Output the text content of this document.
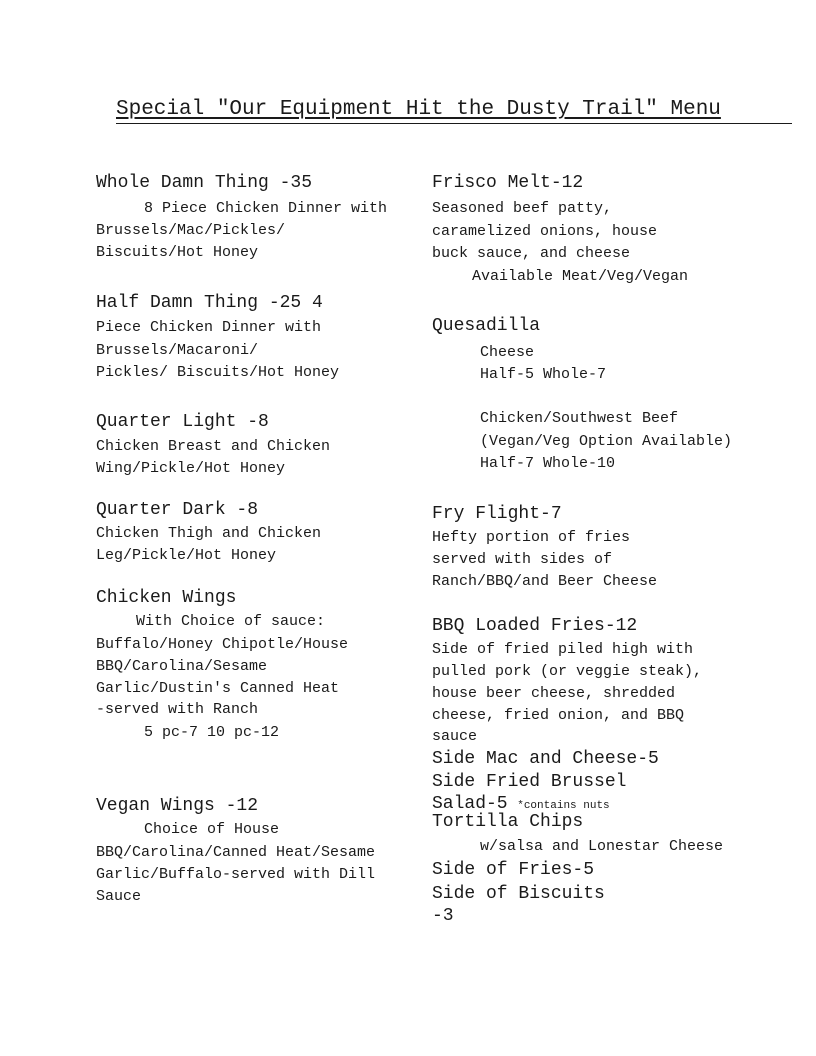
Special "Our Equipment Hit the Dusty Trail" Menu
Whole Damn Thing -35
8 Piece Chicken Dinner with
Brussels/Mac/Pickles/
Biscuits/Hot Honey
Half Damn Thing -25 4
Piece Chicken Dinner with
Brussels/Macaroni/
Pickles/ Biscuits/Hot Honey
Quarter Light -8
Chicken Breast and Chicken
Wing/Pickle/Hot Honey
Quarter Dark -8
Chicken Thigh and Chicken
Leg/Pickle/Hot Honey
Chicken Wings
With Choice of sauce:
Buffalo/Honey Chipotle/House
BBQ/Carolina/Sesame
Garlic/Dustin's Canned Heat
-served with Ranch
5 pc-7 10 pc-12
Vegan Wings -12
Choice of House
BBQ/Carolina/Canned Heat/Sesame
Garlic/Buffalo-served with Dill
Sauce
Frisco Melt-12
Seasoned beef patty,
caramelized onions, house
buck sauce, and cheese
Available Meat/Veg/Vegan
Quesadilla
Cheese
Half-5 Whole-7
Chicken/Southwest Beef
(Vegan/Veg Option Available)
Half-7 Whole-10
Fry Flight-7
Hefty portion of fries
served with sides of
Ranch/BBQ/and Beer Cheese
BBQ Loaded Fries-12
Side of fried piled high with
pulled pork (or veggie steak),
house beer cheese, shredded
cheese, fried onion, and BBQ
sauce
Side Mac and Cheese-5
Side Fried Brussel
Salad-5 *contains nuts
Tortilla Chips
w/salsa and Lonestar Cheese
Side of Fries-5
Side of Biscuits
-3
